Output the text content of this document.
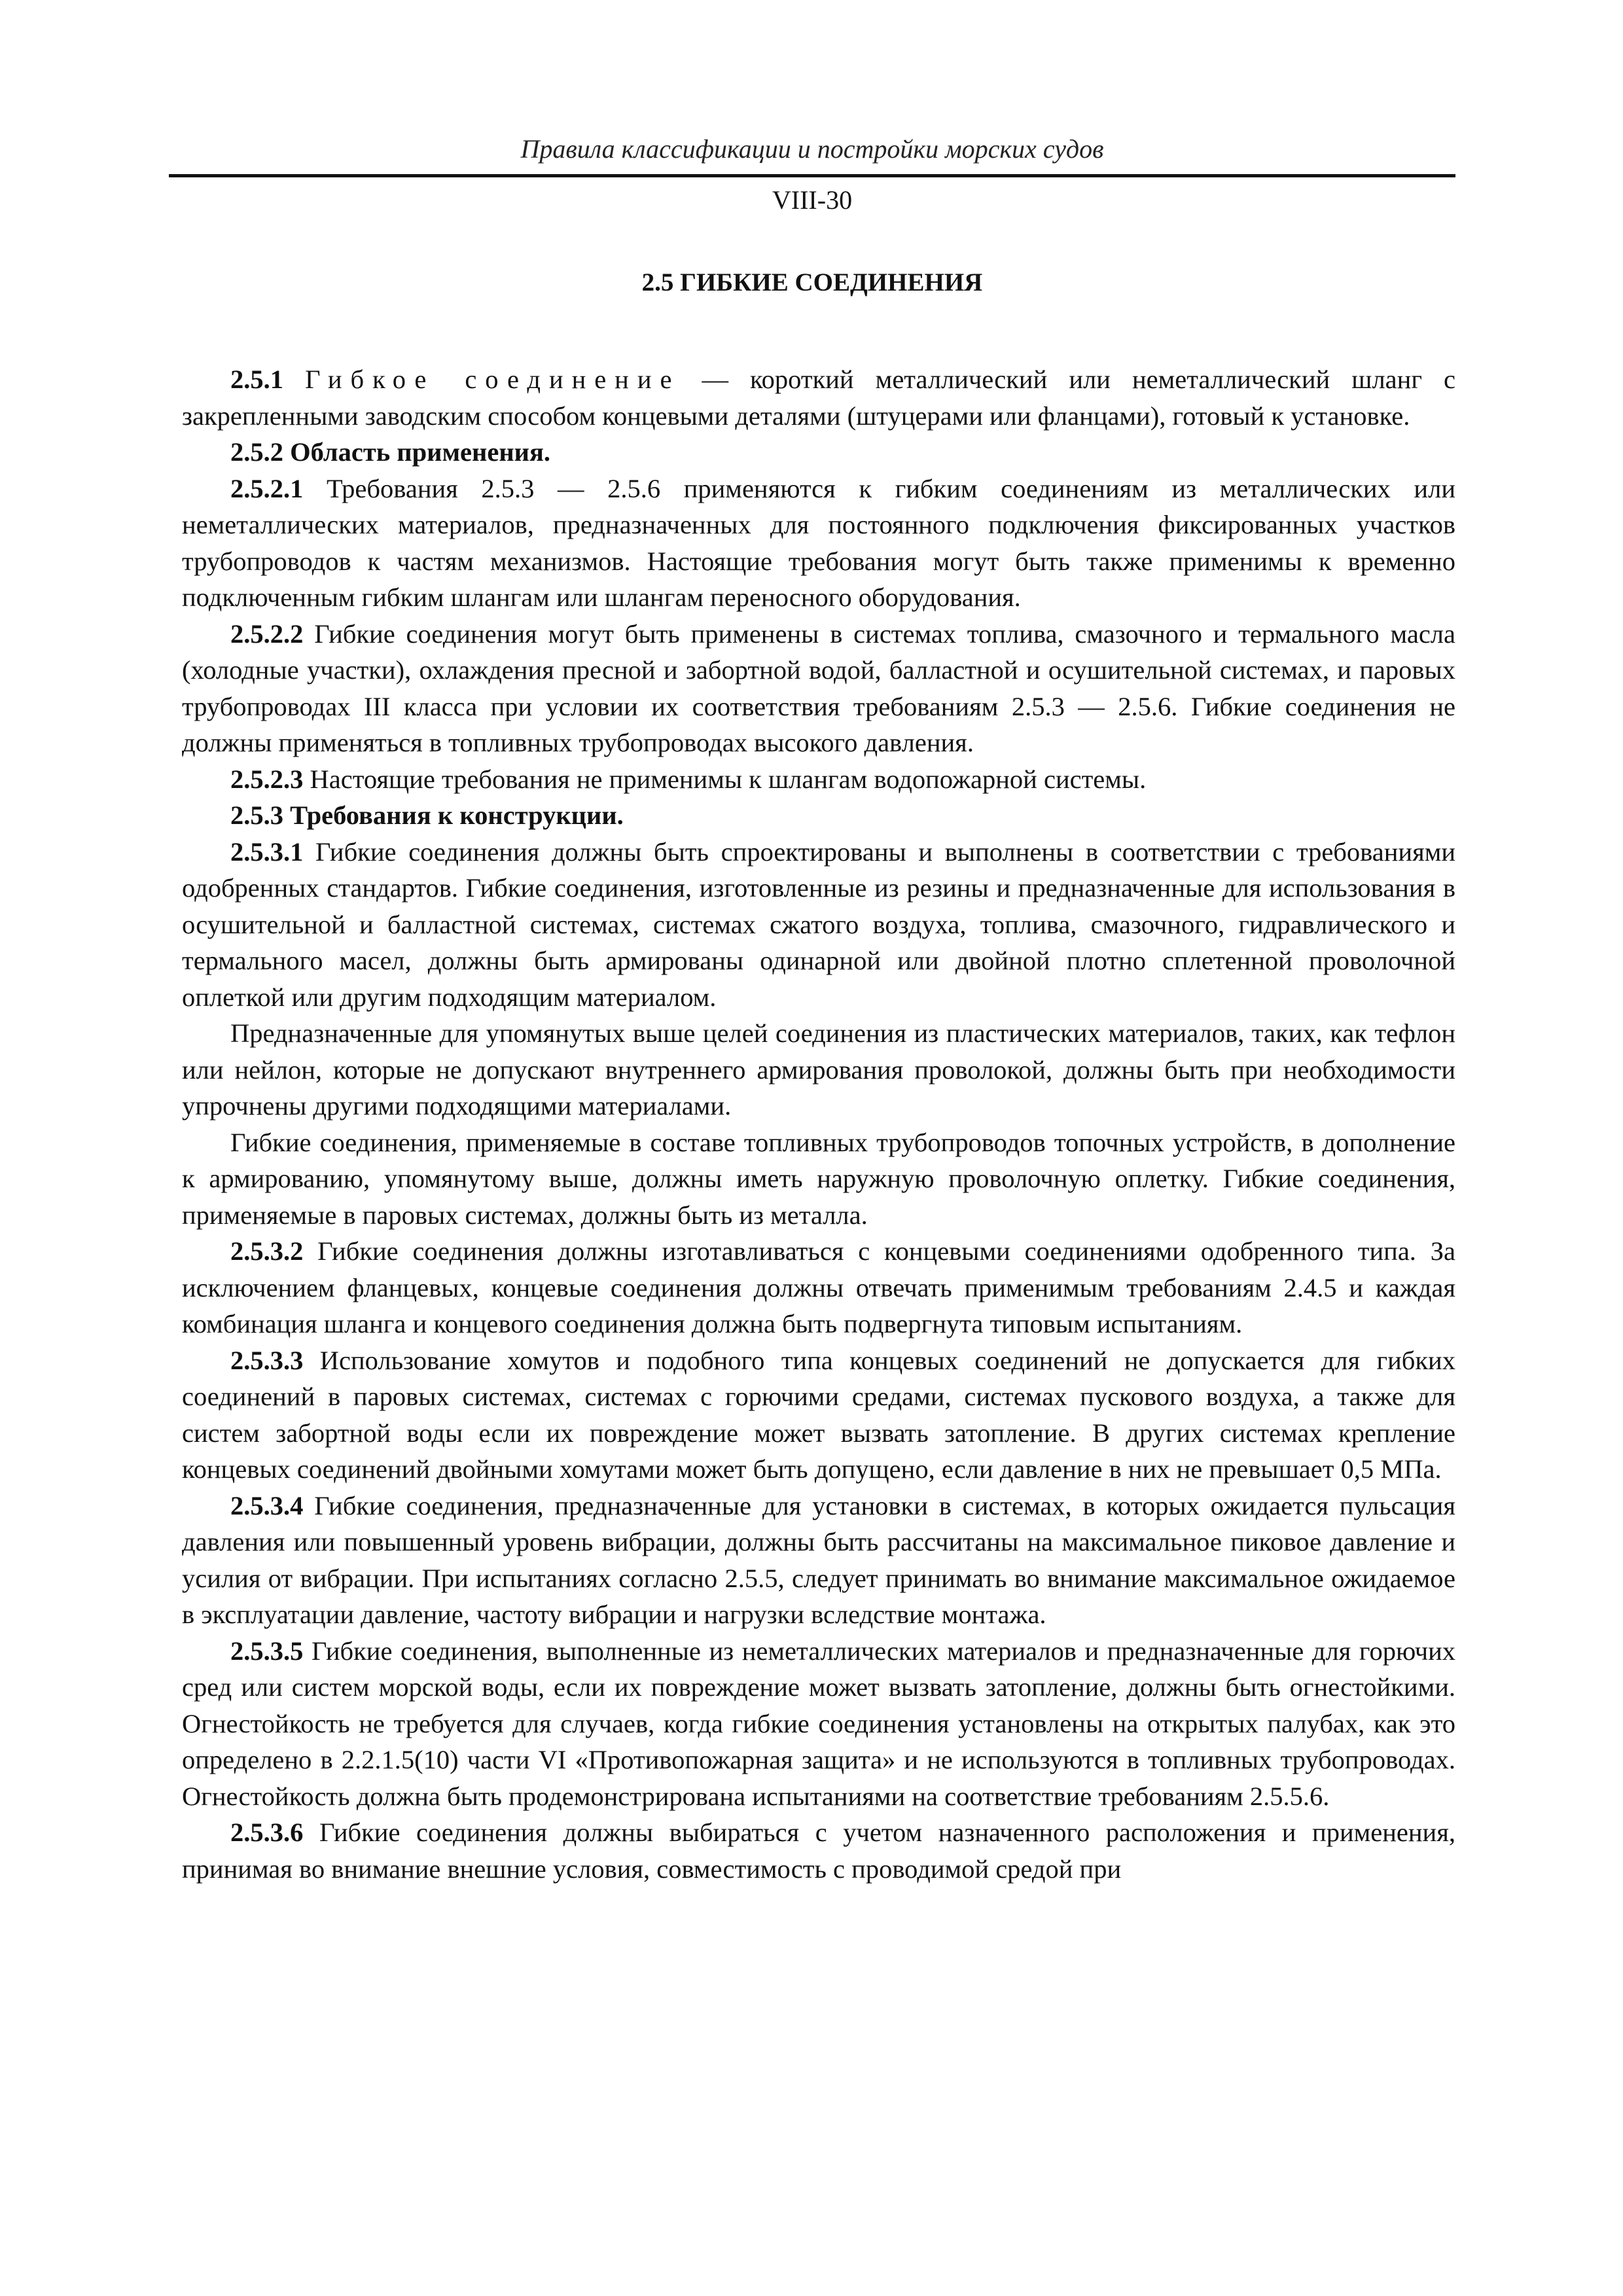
Правила классификации и постройки морских судов
VIII-30
2.5 ГИБКИЕ СОЕДИНЕНИЯ

2.5.1 Гибкое соединение — короткий металлический или неметаллический шланг с закрепленными заводским способом концевыми деталями (штуцерами или фланцами), готовый к установке.

2.5.2 Область применения.

2.5.2.1 Требования 2.5.3 — 2.5.6 применяются к гибким соединениям из металлических или неметаллических материалов, предназначенных для постоянного подключения фиксированных участков трубопроводов к частям механизмов. Настоящие требования могут быть также применимы к временно подключенным гибким шлангам или шлангам переносного оборудования.

2.5.2.2 Гибкие соединения могут быть применены в системах топлива, смазочного и термального масла (холодные участки), охлаждения пресной и забортной водой, балластной и осушительной системах, и паровых трубопроводах III класса при условии их соответствия требованиям 2.5.3 — 2.5.6. Гибкие соединения не должны применяться в топливных трубопроводах высокого давления.

2.5.2.3 Настоящие требования не применимы к шлангам водопожарной системы.

2.5.3 Требования к конструкции.

2.5.3.1 Гибкие соединения должны быть спроектированы и выполнены в соответствии с требованиями одобренных стандартов. Гибкие соединения, изготовленные из резины и предназначенные для использования в осушительной и балластной системах, системах сжатого воздуха, топлива, смазочного, гидравлического и термального масел, должны быть армированы одинарной или двойной плотно сплетенной проволочной оплеткой или другим подходящим материалом.

Предназначенные для упомянутых выше целей соединения из пластических материалов, таких, как тефлон или нейлон, которые не допускают внутреннего армирования проволокой, должны быть при необходимости упрочнены другими подходящими материалами.

Гибкие соединения, применяемые в составе топливных трубопроводов топочных устройств, в дополнение к армированию, упомянутому выше, должны иметь наружную проволочную оплетку. Гибкие соединения, применяемые в паровых системах, должны быть из металла.

2.5.3.2 Гибкие соединения должны изготавливаться с концевыми соединениями одобренного типа. За исключением фланцевых, концевые соединения должны отвечать применимым требованиям 2.4.5 и каждая комбинация шланга и концевого соединения должна быть подвергнута типовым испытаниям.

2.5.3.3 Использование хомутов и подобного типа концевых соединений не допускается для гибких соединений в паровых системах, системах с горючими средами, системах пускового воздуха, а также для систем забортной воды если их повреждение может вызвать затопление. В других системах крепление концевых соединений двойными хомутами может быть допущено, если давление в них не превышает 0,5 МПа.

2.5.3.4 Гибкие соединения, предназначенные для установки в системах, в которых ожидается пульсация давления или повышенный уровень вибрации, должны быть рассчитаны на максимальное пиковое давление и усилия от вибрации. При испытаниях согласно 2.5.5, следует принимать во внимание максимальное ожидаемое в эксплуатации давление, частоту вибрации и нагрузки вследствие монтажа.

2.5.3.5 Гибкие соединения, выполненные из неметаллических материалов и предназначенные для горючих сред или систем морской воды, если их повреждение может вызвать затопление, должны быть огнестойкими. Огнестойкость не требуется для случаев, когда гибкие соединения установлены на открытых палубах, как это определено в 2.2.1.5(10) части VI «Противопожарная защита» и не используются в топливных трубопроводах. Огнестойкость должна быть продемонстрирована испытаниями на соответствие требованиям 2.5.5.6.

2.5.3.6 Гибкие соединения должны выбираться с учетом назначенного расположения и применения, принимая во внимание внешние условия, совместимость с проводимой средой при
